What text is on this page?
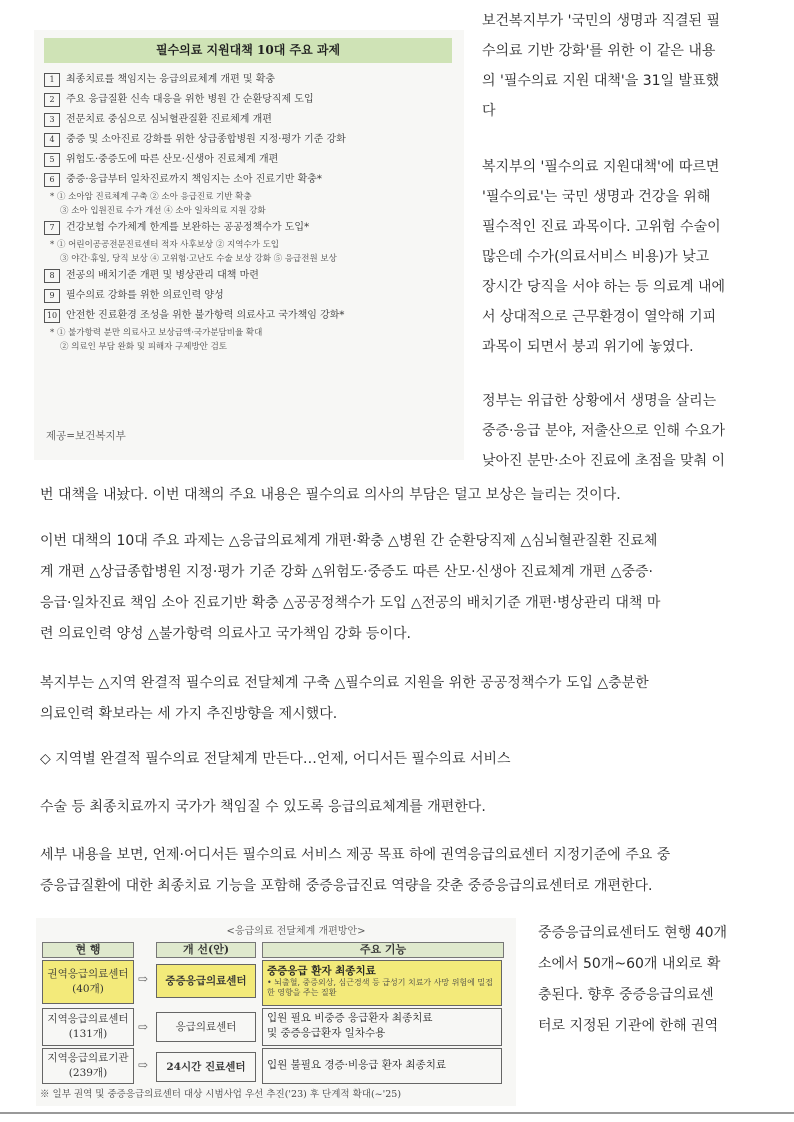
필수의료 지원대책 10대 주요 과제
1 최종치료를 책임지는 응급의료체계 개편 및 확충
2 주요 응급질환 신속 대응을 위한 병원 간 순환당직제 도입
3 전문치료 중심으로 심뇌혈관질환 진료체계 개편
4 중증 및 소아진료 강화를 위한 상급종합병원 지정·평가 기준 강화
5 위험도·중증도에 따른 산모·신생아 진료체계 개편
6 중증·응급부터 일차진료까지 책임지는 소아 진료기반 확충*
* ① 소아암 진료체계 구축 ② 소아 응급진료 기반 확충
③ 소아 입원진료 수가 개선 ④ 소아 일차의료 지원 강화
7 건강보험 수가체계 한계를 보완하는 공공정책수가 도입*
* ① 어린이공공전문진료센터 적자 사후보상 ② 지역수가 도입
③ 야간·휴일, 당직 보상 ④ 고위험·고난도 수술 보상 강화 ⑤ 응급전원 보상
8 전공의 배치기준 개편 및 병상관리 대책 마련
9 필수의료 강화를 위한 의료인력 양성
10 안전한 진료환경 조성을 위한 불가항력 의료사고 국가책임 강화*
* ① 불가항력 분만 의료사고 보상금액·국가분담비율 확대
② 의료인 부담 완화 및 피해자 구제방안 검토
제공=보건복지부

보건복지부가 '국민의 생명과 직결된 필
수의료 기반 강화'를 위한 이 같은 내용
의 '필수의료 지원 대책'을 31일 발표했
다

복지부의 '필수의료 지원대책'에 따르면
'필수의료'는 국민 생명과 건강을 위해
필수적인 진료 과목이다. 고위험 수술이
많은데 수가(의료서비스 비용)가 낮고
장시간 당직을 서야 하는 등 의료계 내에
서 상대적으로 근무환경이 열악해 기피
과목이 되면서 붕괴 위기에 놓였다.

정부는 위급한 상황에서 생명을 살리는
중증·응급 분야, 저출산으로 인해 수요가
낮아진 분만·소아 진료에 초점을 맞춰 이

번 대책을 내놨다. 이번 대책의 주요 내용은 필수의료 의사의 부담은 덜고 보상은 늘리는 것이다.

이번 대책의 10대 주요 과제는 △응급의료체계 개편·확충 △병원 간 순환당직제 △심뇌혈관질환 진료체
계 개편 △상급종합병원 지정·평가 기준 강화 △위험도·중증도 따른 산모·신생아 진료체계 개편 △중증·
응급·일차진료 책임 소아 진료기반 확충 △공공정책수가 도입 △전공의 배치기준 개편·병상관리 대책 마
련 의료인력 양성 △불가항력 의료사고 국가책임 강화 등이다.

복지부는 △지역 완결적 필수의료 전달체계 구축 △필수의료 지원을 위한 공공정책수가 도입 △충분한
의료인력 확보라는 세 가지 추진방향을 제시했다.

◇ 지역별 완결적 필수의료 전달체계 만든다…언제, 어디서든 필수의료 서비스

수술 등 최종치료까지 국가가 책임질 수 있도록 응급의료체계를 개편한다.

세부 내용을 보면, 언제·어디서든 필수의료 서비스 제공 목표 하에 권역응급의료센터 지정기준에 주요 중
증응급질환에 대한 최종치료 기능을 포함해 중증응급진료 역량을 갖춘 중증응급의료센터로 개편한다.

<응급의료 전달체계 개편방안>
현 행	개 선(안)	주요 기능
권역응급의료센터
(40개)
지역응급의료센터
(131개)
지역응급의료기관
(239개)
⇨
⇨
⇨
중증응급의료센터
응급의료센터
24시간 진료센터
중증응급 환자 최종치료
• 뇌출혈, 중증외상, 심근경색 등 급성기 치료가 사망 위험에 밀접한 영향을 주는 질환
입원 필요 비중증 응급환자 최종치료
및 중증응급환자 일차수용
입원 불필요 경증·비응급 환자 최종치료
※ 일부 권역 및 중증응급의료센터 대상 시범사업 우선 추진('23) 후 단계적 확대(~'25)

중증응급의료센터도 현행 40개
소에서 50개~60개 내외로 확
충된다. 향후 중증응급의료센
터로 지정된 기관에 한해 권역
